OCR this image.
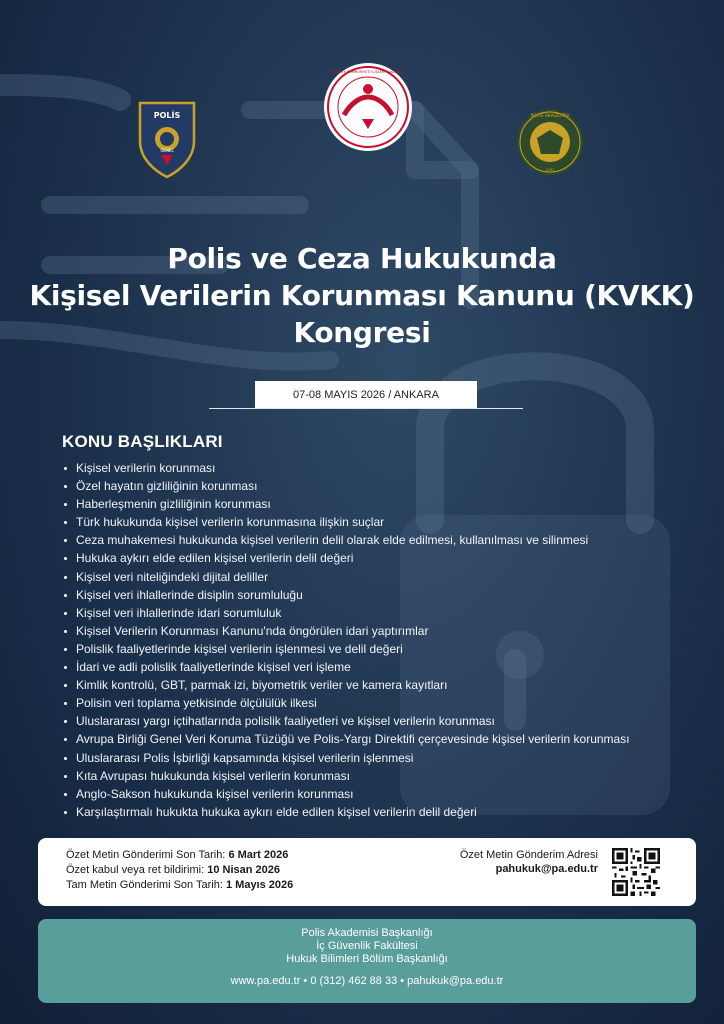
POLİS
GENEL
TÜRKİYE CUMHURİYETİ İÇİŞLERİ BAKANLIĞI
POLİS AKADEMİSİ
1937
Polis ve Ceza Hukukunda
Kişisel Verilerin Korunması Kanunu (KVKK)
Kongresi
07-08 MAYIS 2026 / ANKARA
KONU BAŞLIKLARI
Kişisel verilerin korunması
Özel hayatın gizliliğinin korunması
Haberleşmenin gizliliğinin korunması
Türk hukukunda kişisel verilerin korunmasına ilişkin suçlar
Ceza muhakemesi hukukunda kişisel verilerin delil olarak elde edilmesi, kullanılması ve silinmesi
Hukuka aykırı elde edilen kişisel verilerin delil değeri
Kişisel veri niteliğindeki dijital deliller
Kişisel veri ihlallerinde disiplin sorumluluğu
Kişisel veri ihlallerinde idari sorumluluk
Kişisel Verilerin Korunması Kanunu'nda öngörülen idari yaptırımlar
Polislik faaliyetlerinde kişisel verilerin işlenmesi ve delil değeri
İdari ve adli polislik faaliyetlerinde kişisel veri işleme
Kimlik kontrolü, GBT, parmak izi, biyometrik veriler ve kamera kayıtları
Polisin veri toplama yetkisinde ölçülülük ilkesi
Uluslararası yargı içtihatlarında polislik faaliyetleri ve kişisel verilerin korunması
Avrupa Birliği Genel Veri Koruma Tüzüğü ve Polis-Yargı Direktifi çerçevesinde kişisel verilerin korunması
Uluslararası Polis İşbirliği kapsamında kişisel verilerin işlenmesi
Kıta Avrupası hukukunda kişisel verilerin korunması
Anglo-Sakson hukukunda kişisel verilerin korunması
Karşılaştırmalı hukukta hukuka aykırı elde edilen kişisel verilerin delil değeri
Özet Metin Gönderimi Son Tarih: 6 Mart 2026
Özet kabul veya ret bildirimi: 10 Nisan 2026
Tam Metin Gönderimi Son Tarih: 1 Mayıs 2026
Özet Metin Gönderim Adresi
pahukuk@pa.edu.tr
Polis Akademisi Başkanlığı
İç Güvenlik Fakültesi
Hukuk Bilimleri Bölüm Başkanlığı
www.pa.edu.tr • 0 (312) 462 88 33 • pahukuk@pa.edu.tr
